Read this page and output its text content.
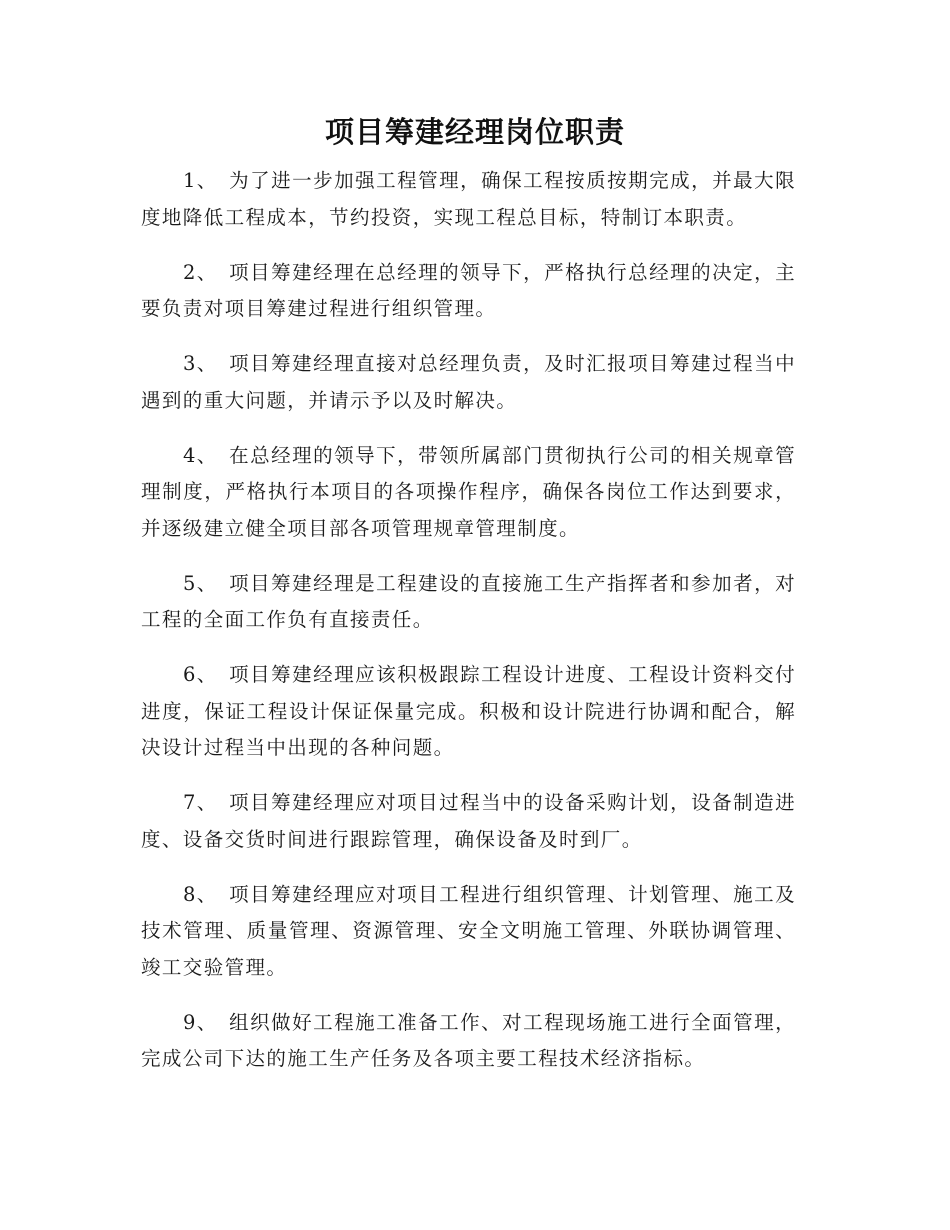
项目筹建经理岗位职责

1、 为了进一步加强工程管理，确保工程按质按期完成，并最大限度地降低工程成本，节约投资，实现工程总目标，特制订本职责。

2、 项目筹建经理在总经理的领导下，严格执行总经理的决定，主要负责对项目筹建过程进行组织管理。

3、 项目筹建经理直接对总经理负责，及时汇报项目筹建过程当中遇到的重大问题，并请示予以及时解决。

4、 在总经理的领导下，带领所属部门贯彻执行公司的相关规章管理制度，严格执行本项目的各项操作程序，确保各岗位工作达到要求，并逐级建立健全项目部各项管理规章管理制度。

5、 项目筹建经理是工程建设的直接施工生产指挥者和参加者，对工程的全面工作负有直接责任。

6、 项目筹建经理应该积极跟踪工程设计进度、工程设计资料交付进度，保证工程设计保证保量完成。积极和设计院进行协调和配合，解决设计过程当中出现的各种问题。

7、 项目筹建经理应对项目过程当中的设备采购计划，设备制造进度、设备交货时间进行跟踪管理，确保设备及时到厂。

8、 项目筹建经理应对项目工程进行组织管理、计划管理、施工及技术管理、质量管理、资源管理、安全文明施工管理、外联协调管理、竣工交验管理。

9、 组织做好工程施工准备工作、对工程现场施工进行全面管理，完成公司下达的施工生产任务及各项主要工程技术经济指标。
